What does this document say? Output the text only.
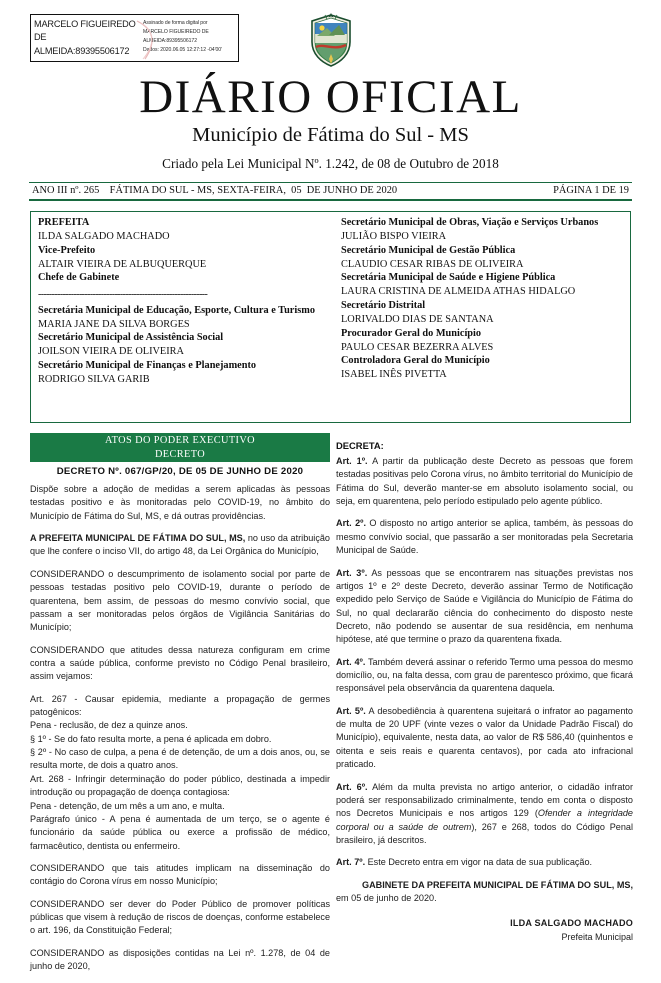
MARCELO FIGUEIREDO
DE
ALMEIDA:89395506172
Assinado de forma digital por
MARCELO FIGUEIREDO DE
ALMEIDA:89395506172
Dados: 2020.06.05 12:27:12 -04'00'
DIÁRIO OFICIAL
Município de Fátima do Sul - MS
Criado pela Lei Municipal Nº. 1.242, de 08 de Outubro de 2018
ANO III nº. 265    FÁTIMA DO SUL - MS, SEXTA-FEIRA,  05  DE JUNHO DE 2020	PÁGINA 1 DE 19
PREFEITA
ILDA SALGADO MACHADO
Vice-Prefeito
ALTAIR VIEIRA DE ALBUQUERQUE
Chefe de Gabinete
--------------------------------------------------------------
Secretária Municipal de Educação, Esporte, Cultura e Turismo
MARIA JANE DA SILVA BORGES
Secretário Municipal de Assistência Social
JOILSON VIEIRA DE OLIVEIRA
Secretário Municipal de Finanças e Planejamento
RODRIGO SILVA GARIB
Secretário Municipal de Obras, Viação e Serviços Urbanos
JULIÃO BISPO VIEIRA
Secretário Municipal de Gestão Pública
CLAUDIO CESAR RIBAS DE OLIVEIRA
Secretária Municipal de Saúde e Higiene Pública
LAURA CRISTINA DE ALMEIDA ATHAS HIDALGO
Secretário Distrital
LORIVALDO DIAS DE SANTANA
Procurador Geral do Município
PAULO CESAR BEZERRA ALVES
Controladora Geral do Município
ISABEL INÊS PIVETTA
ATOS DO PODER EXECUTIVO
DECRETO
DECRETO Nº. 067/GP/20, DE 05 DE JUNHO DE 2020
DECRETA:

Dispõe sobre a adoção de medidas a serem aplicadas às pessoas testadas positivo e às monitoradas pelo COVID-19, no âmbito do Município de Fátima do Sul, MS, e dá outras providências.

A PREFEITA MUNICIPAL DE FÁTIMA DO SUL, MS, no uso da atribuição que lhe confere o inciso VII, do artigo 48, da Lei Orgânica do Município,

CONSIDERANDO o descumprimento de isolamento social por parte de pessoas testadas positivo pelo COVID-19, durante o período de quarentena, bem assim, de pessoas do mesmo convívio social, que passam a ser monitoradas pelos órgãos de Vigilância Sanitárias do Município;

CONSIDERANDO que atitudes dessa natureza configuram em crime contra a saúde pública, conforme previsto no Código Penal brasileiro, assim vejamos:

Art. 267 - Causar epidemia, mediante a propagação de germes patogênicos:

Pena - reclusão, de dez a quinze anos.

§ 1º - Se do fato resulta morte, a pena é aplicada em dobro.

§ 2º - No caso de culpa, a pena é de detenção, de um a dois anos, ou, se resulta morte, de dois a quatro anos.

Art. 268 - Infringir determinação do poder público, destinada a impedir introdução ou propagação de doença contagiosa:

Pena - detenção, de um mês a um ano, e multa.

Parágrafo único - A pena é aumentada de um terço, se o agente é funcionário da saúde pública ou exerce a profissão de médico, farmacêutico, dentista ou enfermeiro.

CONSIDERANDO que tais atitudes implicam na disseminação do contágio do Corona vírus em nosso Município;

CONSIDERANDO ser dever do Poder Público de promover políticas públicas que visem à redução de riscos de doenças, conforme estabelece o art. 196, da Constituição Federal;

CONSIDERANDO as disposições contidas na Lei nº. 1.278, de 04 de junho de 2020,

Art. 1º. A partir da publicação deste Decreto as pessoas que forem testadas positivas pelo Corona vírus, no âmbito territorial do Município de Fátima do Sul, deverão manter-se em absoluto isolamento social, ou seja, em quarentena, pelo período estipulado pelo agente público.

Art. 2º. O disposto no artigo anterior se aplica, também, às pessoas do mesmo convívio social, que passarão a ser monitoradas pela Secretaria Municipal de Saúde.

Art. 3º. As pessoas que se encontrarem nas situações previstas nos artigos 1º e 2º deste Decreto, deverão assinar Termo de Notificação expedido pelo Serviço de Saúde e Vigilância do Município de Fátima do Sul, no qual declararão ciência do conhecimento do disposto neste Decreto, não podendo se ausentar de sua residência, em nenhuma hipótese, até que termine o prazo da quarentena fixada.

Art. 4º. Também deverá assinar o referido Termo uma pessoa do mesmo domicílio, ou, na falta dessa, com grau de parentesco próximo, que ficará responsável pela observância da quarentena daquela.

Art. 5º. A desobediência à quarentena sujeitará o infrator ao pagamento de multa de 20 UPF (vinte vezes o valor da Unidade Padrão Fiscal) do Município), equivalente, nesta data, ao valor de R$ 586,40 (quinhentos e oitenta e seis reais e quarenta centavos), por cada ato infracional praticado.

Art. 6º. Além da multa prevista no artigo anterior, o cidadão infrator poderá ser responsabilizado criminalmente, tendo em conta o disposto nos Decretos Municipais e nos artigos 129 (Ofender a integridade corporal ou a saúde de outrem), 267 e 268, todos do Código Penal brasileiro, já descritos.

Art. 7º. Este Decreto entra em vigor na data de sua publicação.

GABINETE DA PREFEITA MUNICIPAL DE FÁTIMA DO SUL, MS, em 05 de junho de 2020.

ILDA SALGADO MACHADO
Prefeita Municipal
